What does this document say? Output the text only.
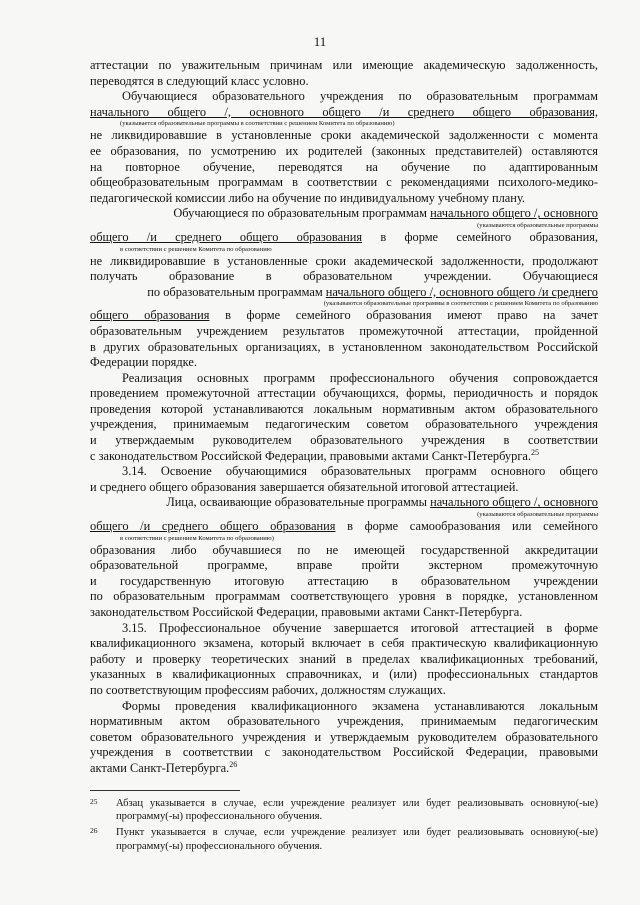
11
аттестации по уважительным причинам или имеющие академическую задолженность,
переводятся в следующий класс условно.
Обучающиеся образовательного учреждения по образовательным программам
начального общего /, основного общего /и среднего общего образования,
(указывается образовательные программы в соответствии с решением Комитета по образованию)
не ликвидировавшие в установленные сроки академической задолженности с момента
ее образования, по усмотрению их родителей (законных представителей) оставляются
на повторное обучение, переводятся на обучение по адаптированным
общеобразовательным программам в соответствии с рекомендациями психолого-медико-
педагогической комиссии либо на обучение по индивидуальному учебному плану.
Обучающиеся по образовательным программам начального общего /, основного
(указываются образовательные программы
общего /и среднего общего образования в форме семейного образования,
в соответствии с решением Комитета по образованию
не ликвидировавшие в установленные сроки академической задолженности, продолжают
получать образование в образовательном учреждении. Обучающиеся
по образовательным программам начального общего /, основного общего /и среднего
(указываются образовательные программы в соответствии с решением Комитета по образованию
общего образования в форме семейного образования имеют право на зачет
образовательным учреждением результатов промежуточной аттестации, пройденной
в других образовательных организациях, в установленном законодательством Российской
Федерации порядке.
Реализация основных программ профессионального обучения сопровождается
проведением промежуточной аттестации обучающихся, формы, периодичность и порядок
проведения которой устанавливаются локальным нормативным актом образовательного
учреждения, принимаемым педагогическим советом образовательного учреждения
и утверждаемым руководителем образовательного учреждения в соответствии
с законодательством Российской Федерации, правовыми актами Санкт-Петербурга.$^{25}$
3.14. Освоение обучающимися образовательных программ основного общего
и среднего общего образования завершается обязательной итоговой аттестацией.
Лица, осваивающие образовательные программы начального общего /, основного
(указываются образовательные программы
общего /и среднего общего образования в форме самообразования или семейного
в соответствии с решением Комитета по образованию)
образования либо обучавшиеся по не имеющей государственной аккредитации
образовательной программе, вправе пройти экстерном промежуточную
и государственную итоговую аттестацию в образовательном учреждении
по образовательным программам соответствующего уровня в порядке, установленном
законодательством Российской Федерации, правовыми актами Санкт-Петербурга.
3.15. Профессиональное обучение завершается итоговой аттестацией в форме
квалификационного экзамена, который включает в себя практическую квалификационную
работу и проверку теоретических знаний в пределах квалификационных требований,
указанных в квалификационных справочниках, и (или) профессиональных стандартов
по соответствующим профессиям рабочих, должностям служащих.
Формы проведения квалификационного экзамена устанавливаются локальным
нормативным актом образовательного учреждения, принимаемым педагогическим
советом образовательного учреждения и утверждаемым руководителем образовательного
учреждения в соответствии с законодательством Российской Федерации, правовыми
актами Санкт-Петербурга.$^{26}$
25 Абзац указывается в случае, если учреждение реализует или будет реализовывать основную(-ые)
программу(-ы) профессионального обучения.
26 Пункт указывается в случае, если учреждение реализует или будет реализовывать основную(-ые)
программу(-ы) профессионального обучения.
